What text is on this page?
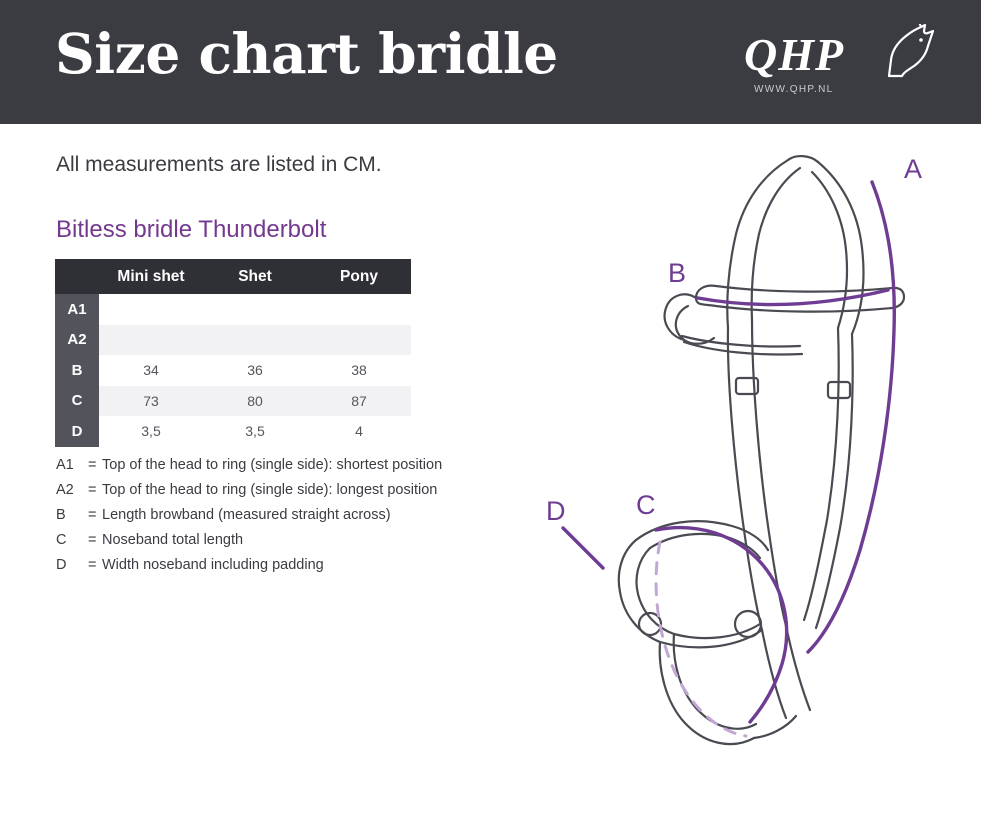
Size chart bridle	QHP
WWW.QHP.NL
All measurements are listed in CM.
Bitless bridle Thunderbolt
	Mini shet	Shet	Pony
A1			
A2			
B	34	36	38
C	73	80	87
D	3,5	3,5	4
A1 = Top of the head to ring (single side): shortest position
A2 = Top of the head to ring (single side): longest position
B	= Length browband (measured straight across)
C	= Noseband total length
D	= Width noseband including padding
A
B
C
D
